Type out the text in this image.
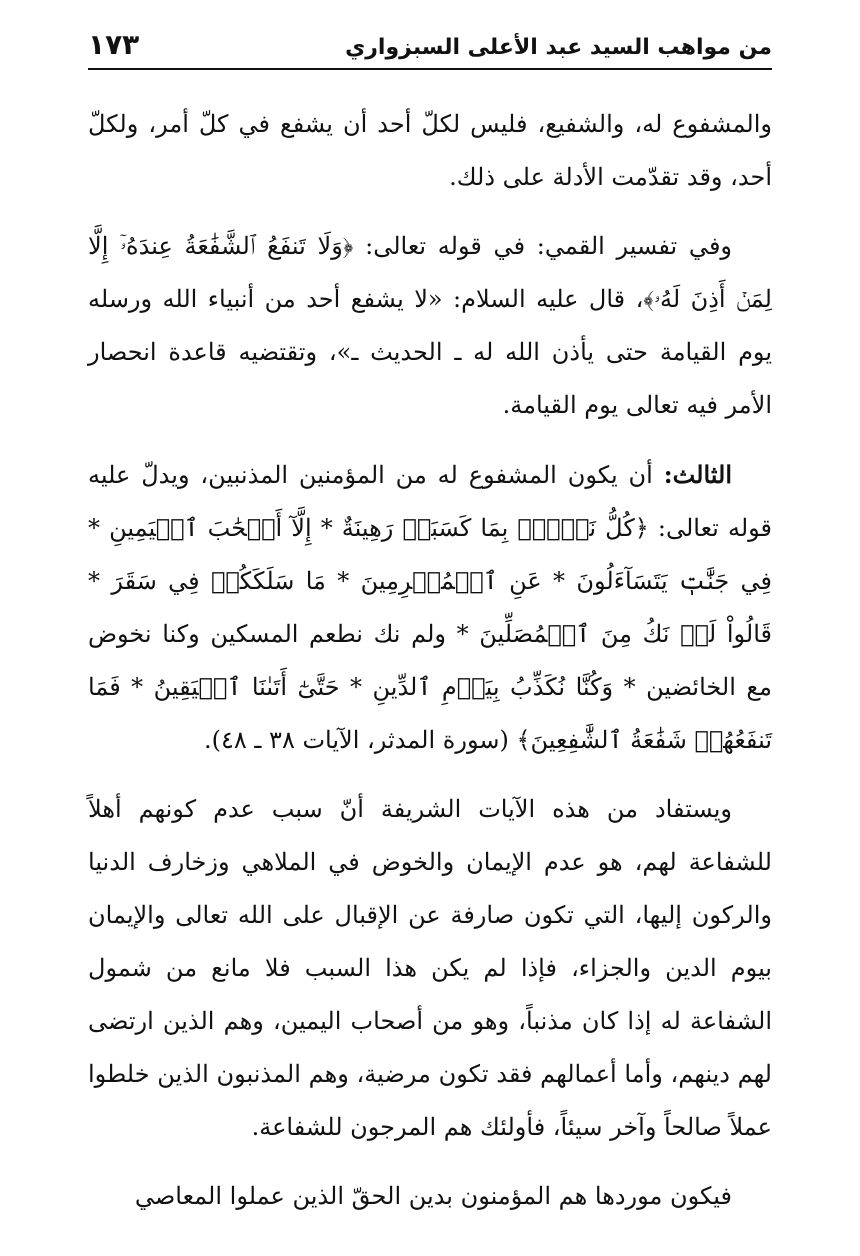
من مواهب السيد عبد الأعلى السبزواري
١٧٣

والمشفوع له، والشفيع، فليس لكلّ أحد أن يشفع في كلّ أمر، ولكلّ أحد، وقد تقدّمت الأدلة على ذلك.

وفي تفسير القمي: في قوله تعالى: ﴿وَلَا تَنفَعُ ٱلشَّفَٰعَةُ عِندَهُۥٓ إِلَّا لِمَنۡ أَذِنَ لَهُۥ﴾، قال عليه السلام: «لا يشفع أحد من أنبياء الله ورسله يوم القيامة حتى يأذن الله له ـ الحديث ـ»، وتقتضيه قاعدة انحصار الأمر فيه تعالى يوم القيامة.

الثالث: أن يكون المشفوع له من المؤمنين المذنبين، ويدلّ عليه قوله تعالى: ﴿كُلُّ نَفۡسِۭ بِمَا كَسَبَتۡ رَهِينَةٌ * إِلَّآ أَصۡحَٰبَ ٱلۡيَمِينِ * فِي جَنَّٰتٖ يَتَسَآءَلُونَ * عَنِ ٱلۡمُجۡرِمِينَ * مَا سَلَكَكُمۡ فِي سَقَرَ * قَالُواْ لَمۡ نَكُ مِنَ ٱلۡمُصَلِّينَ * ولم نك نطعم المسكين وكنا نخوض مع الخائضين * وَكُنَّا نُكَذِّبُ بِيَوۡمِ ٱلدِّينِ * حَتَّىٰٓ أَتَىٰنَا ٱلۡيَقِينُ * فَمَا تَنفَعُهُمۡ شَفَٰعَةُ ٱلشَّٰفِعِينَ﴾ (سورة المدثر، الآيات ٣٨ ـ ٤٨).

ويستفاد من هذه الآيات الشريفة أنّ سبب عدم كونهم أهلاً للشفاعة لهم، هو عدم الإيمان والخوض في الملاهي وزخارف الدنيا والركون إليها، التي تكون صارفة عن الإقبال على الله تعالى والإيمان بيوم الدين والجزاء، فإذا لم يكن هذا السبب فلا مانع من شمول الشفاعة له إذا كان مذنباً، وهو من أصحاب اليمين، وهم الذين ارتضى لهم دينهم، وأما أعمالهم فقد تكون مرضية، وهم المذنبون الذين خلطوا عملاً صالحاً وآخر سيئاً، فأولئك هم المرجون للشفاعة.

فيكون موردها هم المؤمنون بدين الحقّ الذين عملوا المعاصي
